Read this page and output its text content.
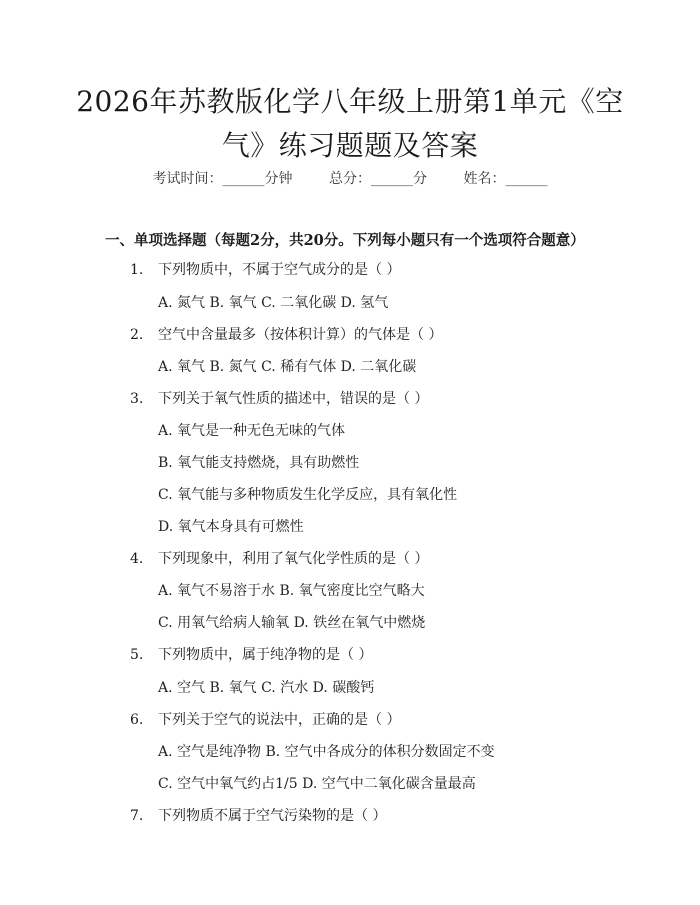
2026年苏教版化学八年级上册第1单元《空
气》练习题题及答案
考试时间：______分钟	总分：______分	姓名：______
一、单项选择题（每题2分，共20分。下列每小题只有一个选项符合题意）
1. 下列物质中，不属于空气成分的是（ ）
A. 氮气 B. 氧气 C. 二氧化碳 D. 氢气
2. 空气中含量最多（按体积计算）的气体是（ ）
A. 氧气 B. 氮气 C. 稀有气体 D. 二氧化碳
3. 下列关于氧气性质的描述中，错误的是（ ）
A. 氧气是一种无色无味的气体
B. 氧气能支持燃烧，具有助燃性
C. 氧气能与多种物质发生化学反应，具有氧化性
D. 氧气本身具有可燃性
4. 下列现象中，利用了氧气化学性质的是（ ）
A. 氧气不易溶于水 B. 氧气密度比空气略大
C. 用氧气给病人输氧 D. 铁丝在氧气中燃烧
5. 下列物质中，属于纯净物的是（ ）
A. 空气 B. 氧气 C. 汽水 D. 碳酸钙
6. 下列关于空气的说法中，正确的是（ ）
A. 空气是纯净物 B. 空气中各成分的体积分数固定不变
C. 空气中氧气约占1/5 D. 空气中二氧化碳含量最高
7. 下列物质不属于空气污染物的是（ ）
